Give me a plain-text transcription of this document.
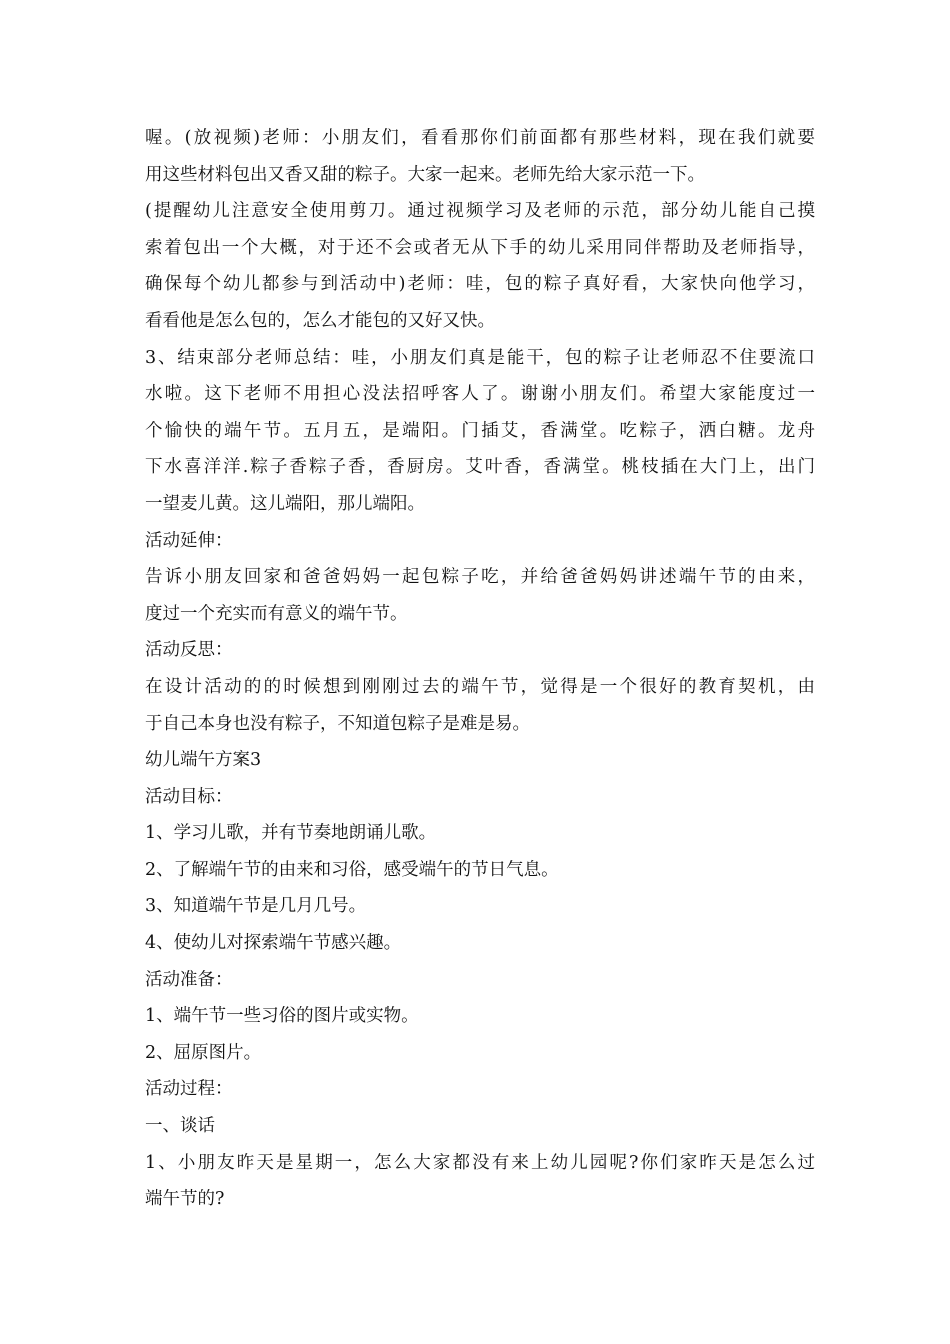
喔。(放视频)老师：小朋友们，看看那你们前面都有那些材料，现在我们就要
用这些材料包出又香又甜的粽子。大家一起来。老师先给大家示范一下。
(提醒幼儿注意安全使用剪刀。通过视频学习及老师的示范，部分幼儿能自己摸
索着包出一个大概，对于还不会或者无从下手的幼儿采用同伴帮助及老师指导，
确保每个幼儿都参与到活动中)老师：哇，包的粽子真好看，大家快向他学习，
看看他是怎么包的，怎么才能包的又好又快。
3、结束部分老师总结：哇，小朋友们真是能干，包的粽子让老师忍不住要流口
水啦。这下老师不用担心没法招呼客人了。谢谢小朋友们。希望大家能度过一
个愉快的端午节。五月五，是端阳。门插艾，香满堂。吃粽子，洒白糖。龙舟
下水喜洋洋.粽子香粽子香，香厨房。艾叶香，香满堂。桃枝插在大门上，出门
一望麦儿黄。这儿端阳，那儿端阳。
活动延伸：
告诉小朋友回家和爸爸妈妈一起包粽子吃，并给爸爸妈妈讲述端午节的由来，
度过一个充实而有意义的端午节。
活动反思：
在设计活动的的时候想到刚刚过去的端午节，觉得是一个很好的教育契机，由
于自己本身也没有粽子，不知道包粽子是难是易。
幼儿端午方案3
活动目标：
1、学习儿歌，并有节奏地朗诵儿歌。
2、了解端午节的由来和习俗，感受端午的节日气息。
3、知道端午节是几月几号。
4、使幼儿对探索端午节感兴趣。
活动准备：
1、端午节一些习俗的图片或实物。
2、屈原图片。
活动过程：
一、谈话
1、小朋友昨天是星期一，怎么大家都没有来上幼儿园呢?你们家昨天是怎么过
端午节的?
